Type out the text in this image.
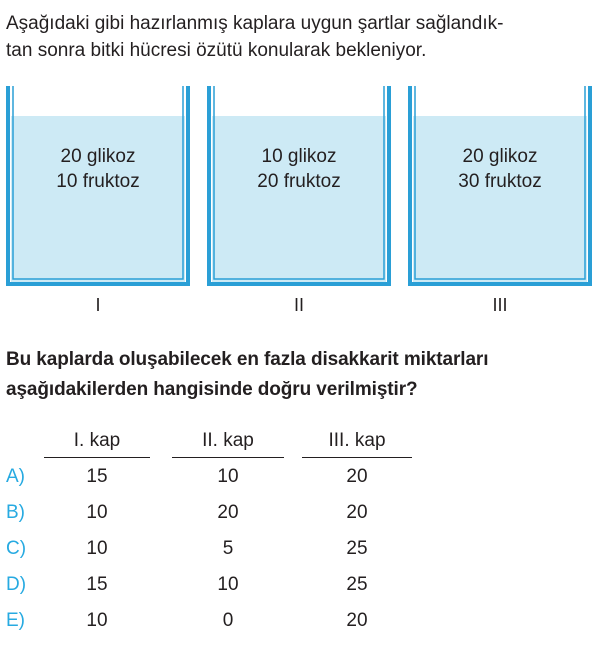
Aşağıdaki gibi hazırlanmış kaplara uygun şartlar sağlandık-
tan sonra bitki hücresi özütü konularak bekleniyor.
20 glikoz
10 fruktoz
10 glikoz
20 fruktoz
20 glikoz
30 fruktoz
I	II	III
Bu kaplarda oluşabilecek en fazla disakkarit miktarları
aşağıdakilerden hangisinde doğru verilmiştir?
I. kap	II. kap	III. kap
A)	15	10	20
B)	10	20	20
C)	10	5	25
D)	15	10	25
E)	10	0	20
